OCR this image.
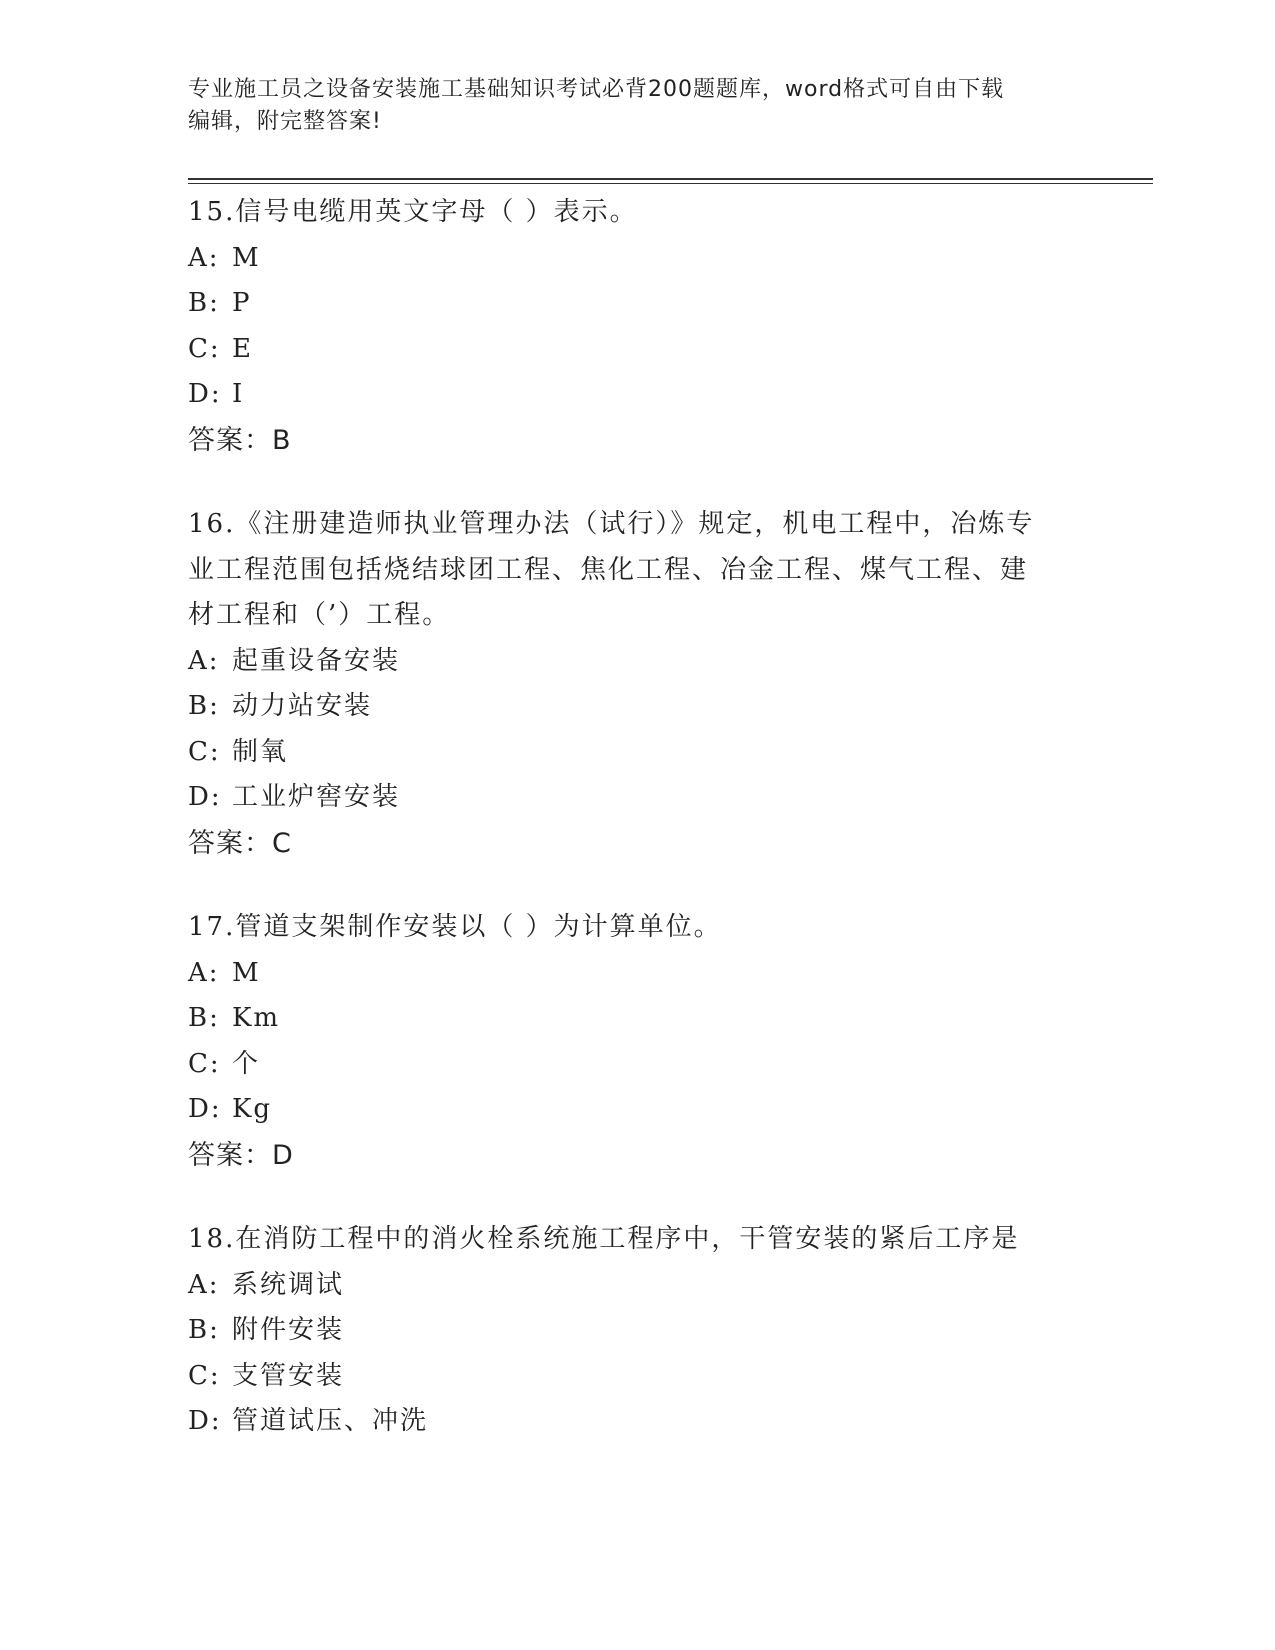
专业施工员之设备安装施工基础知识考试必背200题题库，word格式可自由下载
编辑，附完整答案!
15.信号电缆用英文字母（ ）表示。
A: M
B: P
C: E
D: I
答案：B
16.《注册建造师执业管理办法（试行）》规定，机电工程中，冶炼专
业工程范围包括烧结球团工程、焦化工程、冶金工程、煤气工程、建
材工程和（’）工程。
A: 起重设备安装
B: 动力站安装
C: 制氧
D: 工业炉窖安装
答案：C
17.管道支架制作安装以（ ）为计算单位。
A: M
B: Km
C: 个
D: Kg
答案：D
18.在消防工程中的消火栓系统施工程序中，干管安装的紧后工序是
A: 系统调试
B: 附件安装
C: 支管安装
D: 管道试压、冲洗
